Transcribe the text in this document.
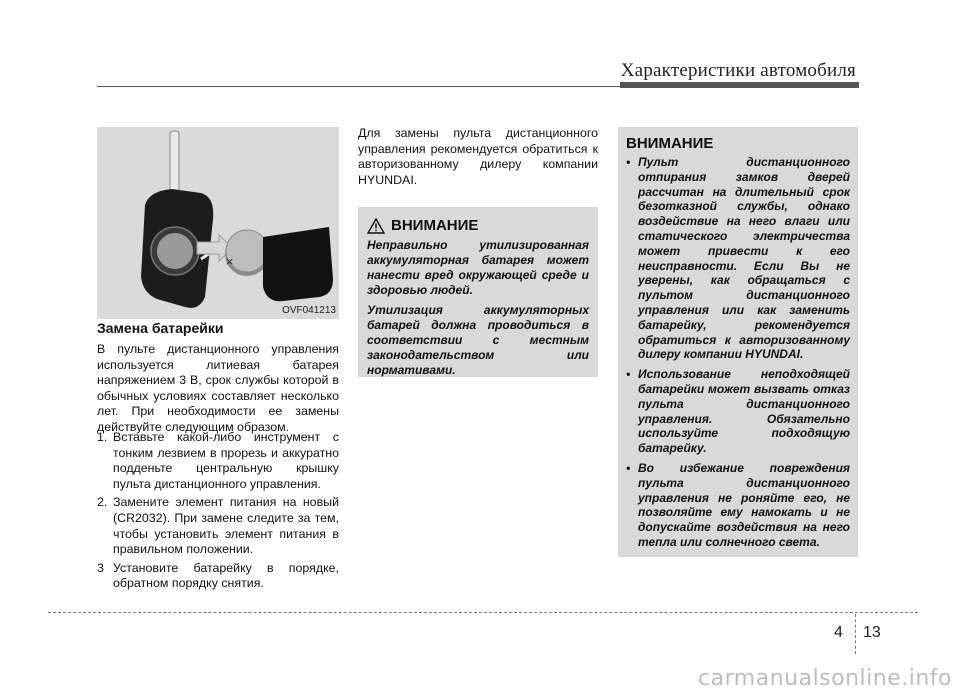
Характеристики автомобиля
×
OVF041213
Замена батарейки
В пульте дистанционного управления используется литиевая батарея напряжением 3 В, срок службы которой в обычных условиях составляет несколько лет. При необходимости ее замены действуйте следующим образом.
1. Вставьте какой-либо инструмент с тонким лезвием в прорезь и аккуратно подденьте центральную крышку пульта дистанционного управления.
2. Замените элемент питания на новый (CR2032). При замене следите за тем, чтобы установить элемент питания в правильном положении.
3 Установите батарейку в порядке, обратном порядку снятия.
Для замены пульта дистанционного управления рекомендуется обратиться к авторизованному дилеру компании HYUNDAI.
ВНИМАНИЕ

Неправильно утилизированная аккумуляторная батарея может нанести вред окружающей среде и здоровью людей.

Утилизация аккумуляторных батарей должна проводиться в соответствии с местным законодательством или нормативами.

ВНИМАНИЕ
• Пульт дистанционного отпирания замков дверей рассчитан на длительный срок безотказной службы, однако воздействие на него влаги или статического электричества может привести к его неисправности. Если Вы не уверены, как обращаться с пультом дистанционного управления или как заменить батарейку, рекомендуется обратиться к авторизованному дилеру компании HYUNDAI.
• Использование неподходящей батарейки может вызвать отказ пульта дистанционного управления. Обязательно используйте подходящую батарейку.
• Во избежание повреждения пульта дистанционного управления не роняйте его, не позволяйте ему намокать и не допускайте воздействия на него тепла или солнечного света.
4 13
carmanualsonline.info
